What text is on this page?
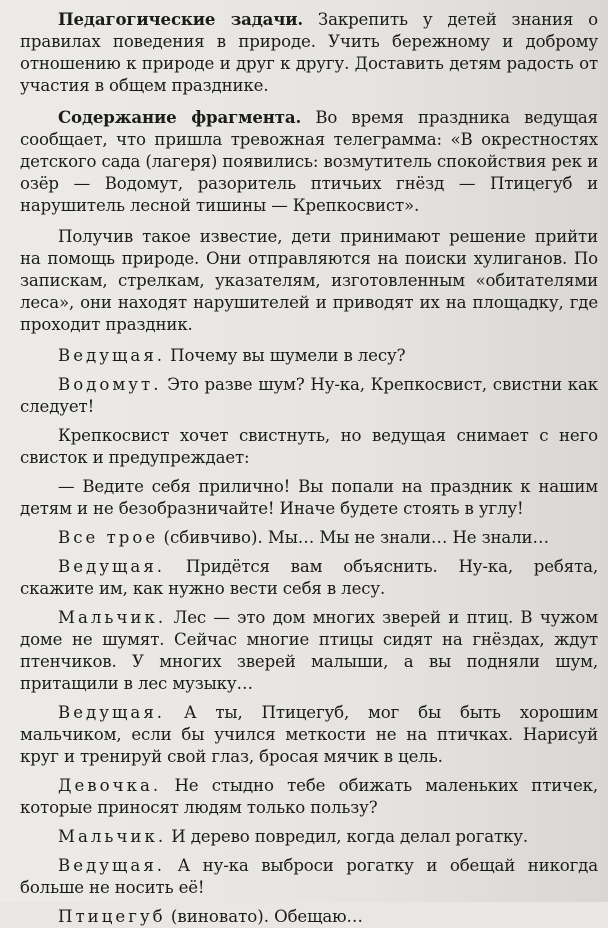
Педагогические задачи. Закрепить у детей знания о правилах поведения в природе. Учить бережному и доброму отношению к природе и друг к другу. Доставить детям радость от участия в общем празднике.

Содержание фрагмента. Во время праздника ведущая сообщает, что пришла тревожная телеграмма: «В окрестностях детского сада (лагеря) появились: возмутитель спокойствия рек и озёр — Водомут, разоритель птичьих гнёзд — Птицегуб и нарушитель лесной тишины — Крепкосвист».

Получив такое известие, дети принимают решение прийти на помощь природе. Они отправляются на поиски хулиганов. По запискам, стрелкам, указателям, изготовленным «обитателями леса», они находят нарушителей и приводят их на площадку, где проходит праздник.

Ведущая. Почему вы шумели в лесу?

Водомут. Это разве шум? Ну-ка, Крепкосвист, свистни как следует!

Крепкосвист хочет свистнуть, но ведущая снимает с него свисток и предупреждает:

— Ведите себя прилично! Вы попали на праздник к нашим детям и не безобразничайте! Иначе будете стоять в углу!

Все трое (сбивчиво). Мы… Мы не знали… Не знали…

Ведущая. Придётся вам объяснить. Ну-ка, ребята, скажите им, как нужно вести себя в лесу.

Мальчик. Лес — это дом многих зверей и птиц. В чужом доме не шумят. Сейчас многие птицы сидят на гнёздах, ждут птенчиков. У многих зверей малыши, а вы подняли шум, притащили в лес музыку…

Ведущая. А ты, Птицегуб, мог бы быть хорошим мальчиком, если бы учился меткости не на птичках. Нарисуй круг и тренируй свой глаз, бросая мячик в цель.

Девочка. Не стыдно тебе обижать маленьких птичек, которые приносят людям только пользу?

Мальчик. И дерево повредил, когда делал рогатку.

Ведущая. А ну-ка выброси рогатку и обещай никогда больше не носить её!

Птицегуб (виновато). Обещаю…
